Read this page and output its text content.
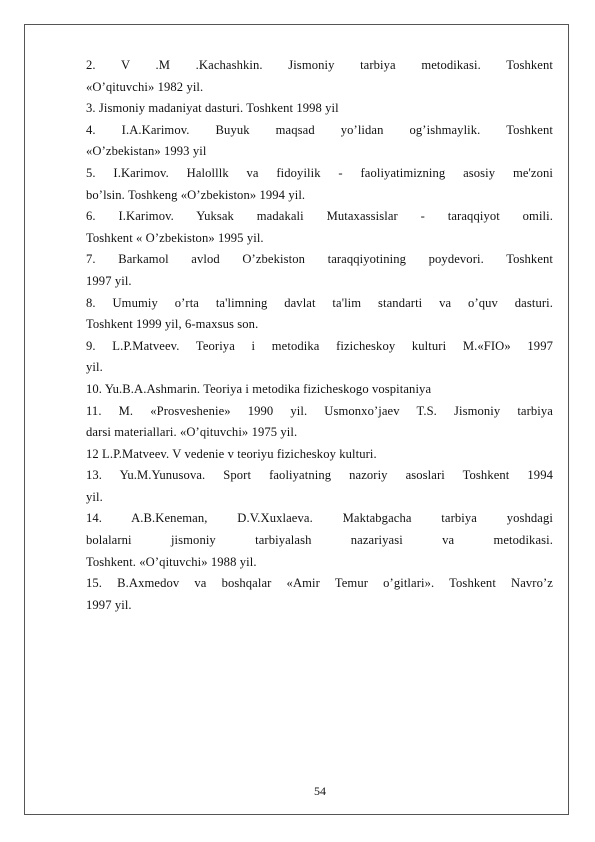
2. V .M .Kachashkin. Jismoniy tarbiya metodikasi. Toshkent
«O’qituvchi» 1982 yil.
3. Jismoniy madaniyat dasturi. Toshkent 1998 yil
4. I.A.Karimov. Buyuk maqsad yo’lidan og’ishmaylik. Toshkent
«O’zbekistan» 1993 yil
5. I.Karimov. Halolllk va fidoyilik - faoliyatimizning asosiy me'zoni
bo’lsin. Toshkeng «O’zbekiston» 1994 yil.
6. I.Karimov. Yuksak madakali Mutaxassislar - taraqqiyot omili.
Toshkent « O’zbekiston» 1995 yil.
7. Barkamol avlod O’zbekiston taraqqiyotining poydevori. Toshkent
1997 yil.
8. Umumiy o’rta ta'limning davlat ta'lim standarti va o’quv dasturi.
Toshkent 1999 yil, 6-maxsus son.
9. L.P.Matveev. Teoriya i metodika fizicheskoy kulturi M.«FIO» 1997
yil.
10. Yu.B.A.Ashmarin. Teoriya i metodika fizicheskogo vospitaniya
11. M. «Prosveshenie» 1990 yil. Usmonxo’jaev T.S. Jismoniy tarbiya
darsi materiallari. «O’qituvchi» 1975 yil.
12 L.P.Matveev. V vedenie v teoriyu fizicheskoy kulturi.
13. Yu.M.Yunusova. Sport faoliyatning nazoriy asoslari Toshkent 1994
yil.
14. A.B.Keneman, D.V.Xuxlaeva. Maktabgacha tarbiya yoshdagi
bolalarni jismoniy tarbiyalash nazariyasi va metodikasi.
Toshkent. «O’qituvchi» 1988 yil.
15. B.Axmedov va boshqalar «Amir Temur o’gitlari». Toshkent Navro’z
1997 yil.
54
